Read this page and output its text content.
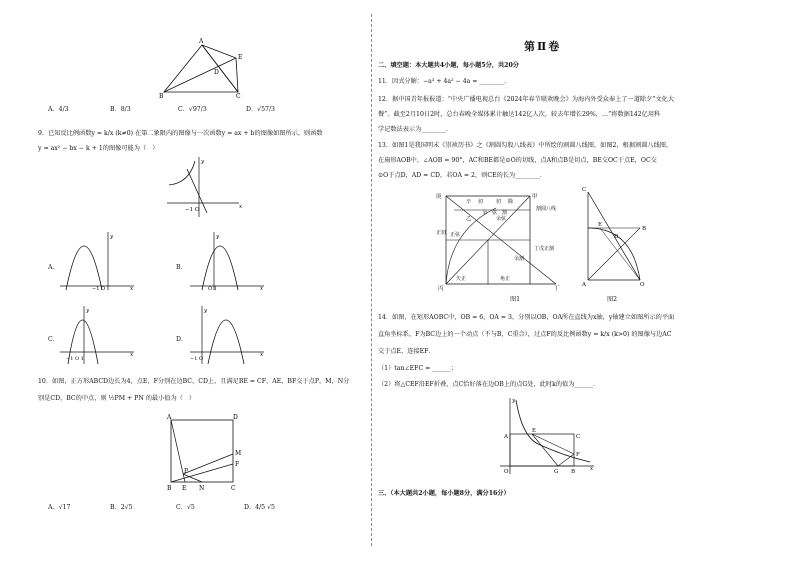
A
E
D
B	C
A．4/3	B．8/3	C．√97/3	D．√57/3
9．已知反比例函数y = k/x (k≠0) 在第二象限内的图像与一次函数y = ax + b的图像如图所示，则函数
y = ax² − bx − k + 1的图像可能为（　）
y
x
−1 O
A．
y
x
−1 O
B．
y
x
O 1
C．
y
x
−1 O 1
D．
y
x
−1 O
10．如图，正方形ABCD边长为4，点E，F分别在边BC，CD上，且满足BE = CF，AE，BF交于点P，M，N分
别是CD，BC的中点，则 ½PM + PN 的最小值为（　）
A	D
M
F
P
B E N	C
A．√17	B．2√5	C．√5	D．4/5 √5
第Ⅱ卷
二、填空题：本大题共4小题，每小题5分，共20分
11．因式分解：−a³ + 4a² − 4a = ________．
12．据中国青年报报道：“中央广播电视总台《2024年春节联欢晚会》为海内外受众奉上了一道除夕”文化大
餐”。截至2月10日2时，总台春晚全媒体累计触达142亿人次，较去年增长29%，…”将数据142亿用科
学记数法表示为________．
13．如图1是我国明末《崇祯历书》之《割圆勾股八线表》中所绘的割圆八线图，如图2，根据割圆八线图，
在扇形AOB中，∠AOB = 90°，AC和BE都是⊙O的切线，点A和点B是切点，BE交OC于点E，OC交
⊙O于点D，AD = CD，若OA = 2，则CE的长为________．
庚	甲
丙	丁
辛 切	切 除
余 弦 割
乙
割圆八线
丁戊正割
正切 正弦
余弦
矢正	角正
余割
图1
C
E
D
B
A	O
图2
14．如图，在矩形AOBC中，OB = 6，OA = 3，分别以OB，OA所在直线为x轴，y轴建立如图所示的平面
直角坐标系，F为BC边上的一个动点（不与B，C重合），过点F的反比例函数y = k/x (k>0) 的图像与边AC
交于点E，连接EF．
（1）tan∠EFC = ______；
（2）将△CEF沿EF折叠，点C恰好落在边OB上的点G处，此时k的值为______．
y
A
E
C
F
O	G B	x
三、（本大题共2小题，每小题8分，满分16分）
